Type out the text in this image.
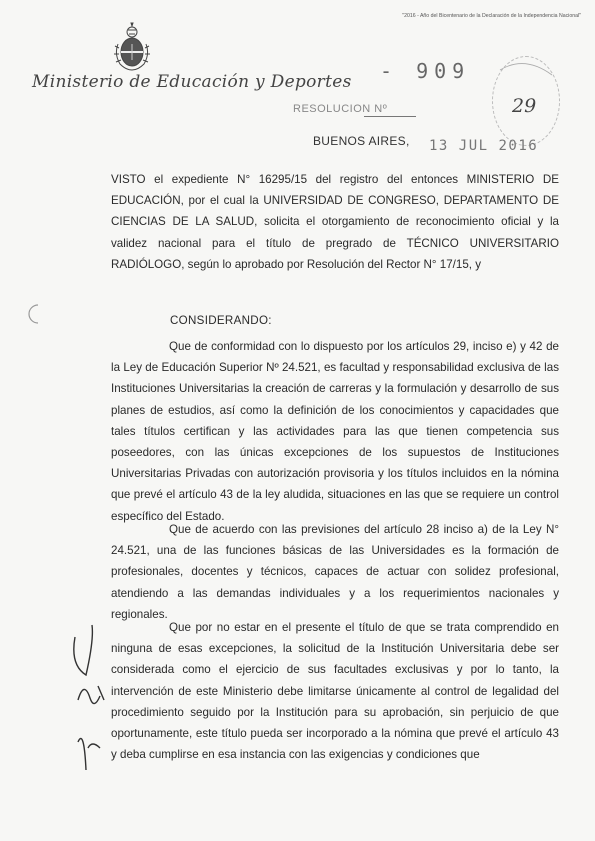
"2016 - Año del Bicentenario de la Declaración de la Independencia Nacional"
Ministerio de Educación y Deportes - 909
RESOLUCION Nº	29
BUENOS AIRES, 13 JUL 2016
VISTO el expediente N° 16295/15 del registro del entonces MINISTERIO DE EDUCACIÓN, por el cual la UNIVERSIDAD DE CONGRESO, DEPARTAMENTO DE CIENCIAS DE LA SALUD, solicita el otorgamiento de reconocimiento oficial y la validez nacional para el título de pregrado de TÉCNICO UNIVERSITARIO RADIÓLOGO, según lo aprobado por Resolución del Rector N° 17/15, y
CONSIDERANDO:
Que de conformidad con lo dispuesto por los artículos 29, inciso e) y 42 de la Ley de Educación Superior Nº 24.521, es facultad y responsabilidad exclusiva de las Instituciones Universitarias la creación de carreras y la formulación y desarrollo de sus planes de estudios, así como la definición de los conocimientos y capacidades que tales títulos certifican y las actividades para las que tienen competencia sus poseedores, con las únicas excepciones de los supuestos de Instituciones Universitarias Privadas con autorización provisoria y los títulos incluidos en la nómina que prevé el artículo 43 de la ley aludida, situaciones en las que se requiere un control específico del Estado.
Que de acuerdo con las previsiones del artículo 28 inciso a) de la Ley N° 24.521, una de las funciones básicas de las Universidades es la formación de profesionales, docentes y técnicos, capaces de actuar con solidez profesional, atendiendo a las demandas individuales y a los requerimientos nacionales y regionales.
Que por no estar en el presente el título de que se trata comprendido en ninguna de esas excepciones, la solicitud de la Institución Universitaria debe ser considerada como el ejercicio de sus facultades exclusivas y por lo tanto, la intervención de este Ministerio debe limitarse únicamente al control de legalidad del procedimiento seguido por la Institución para su aprobación, sin perjuicio de que oportunamente, este título pueda ser incorporado a la nómina que prevé el artículo 43 y deba cumplirse en esa instancia con las exigencias y condiciones que
